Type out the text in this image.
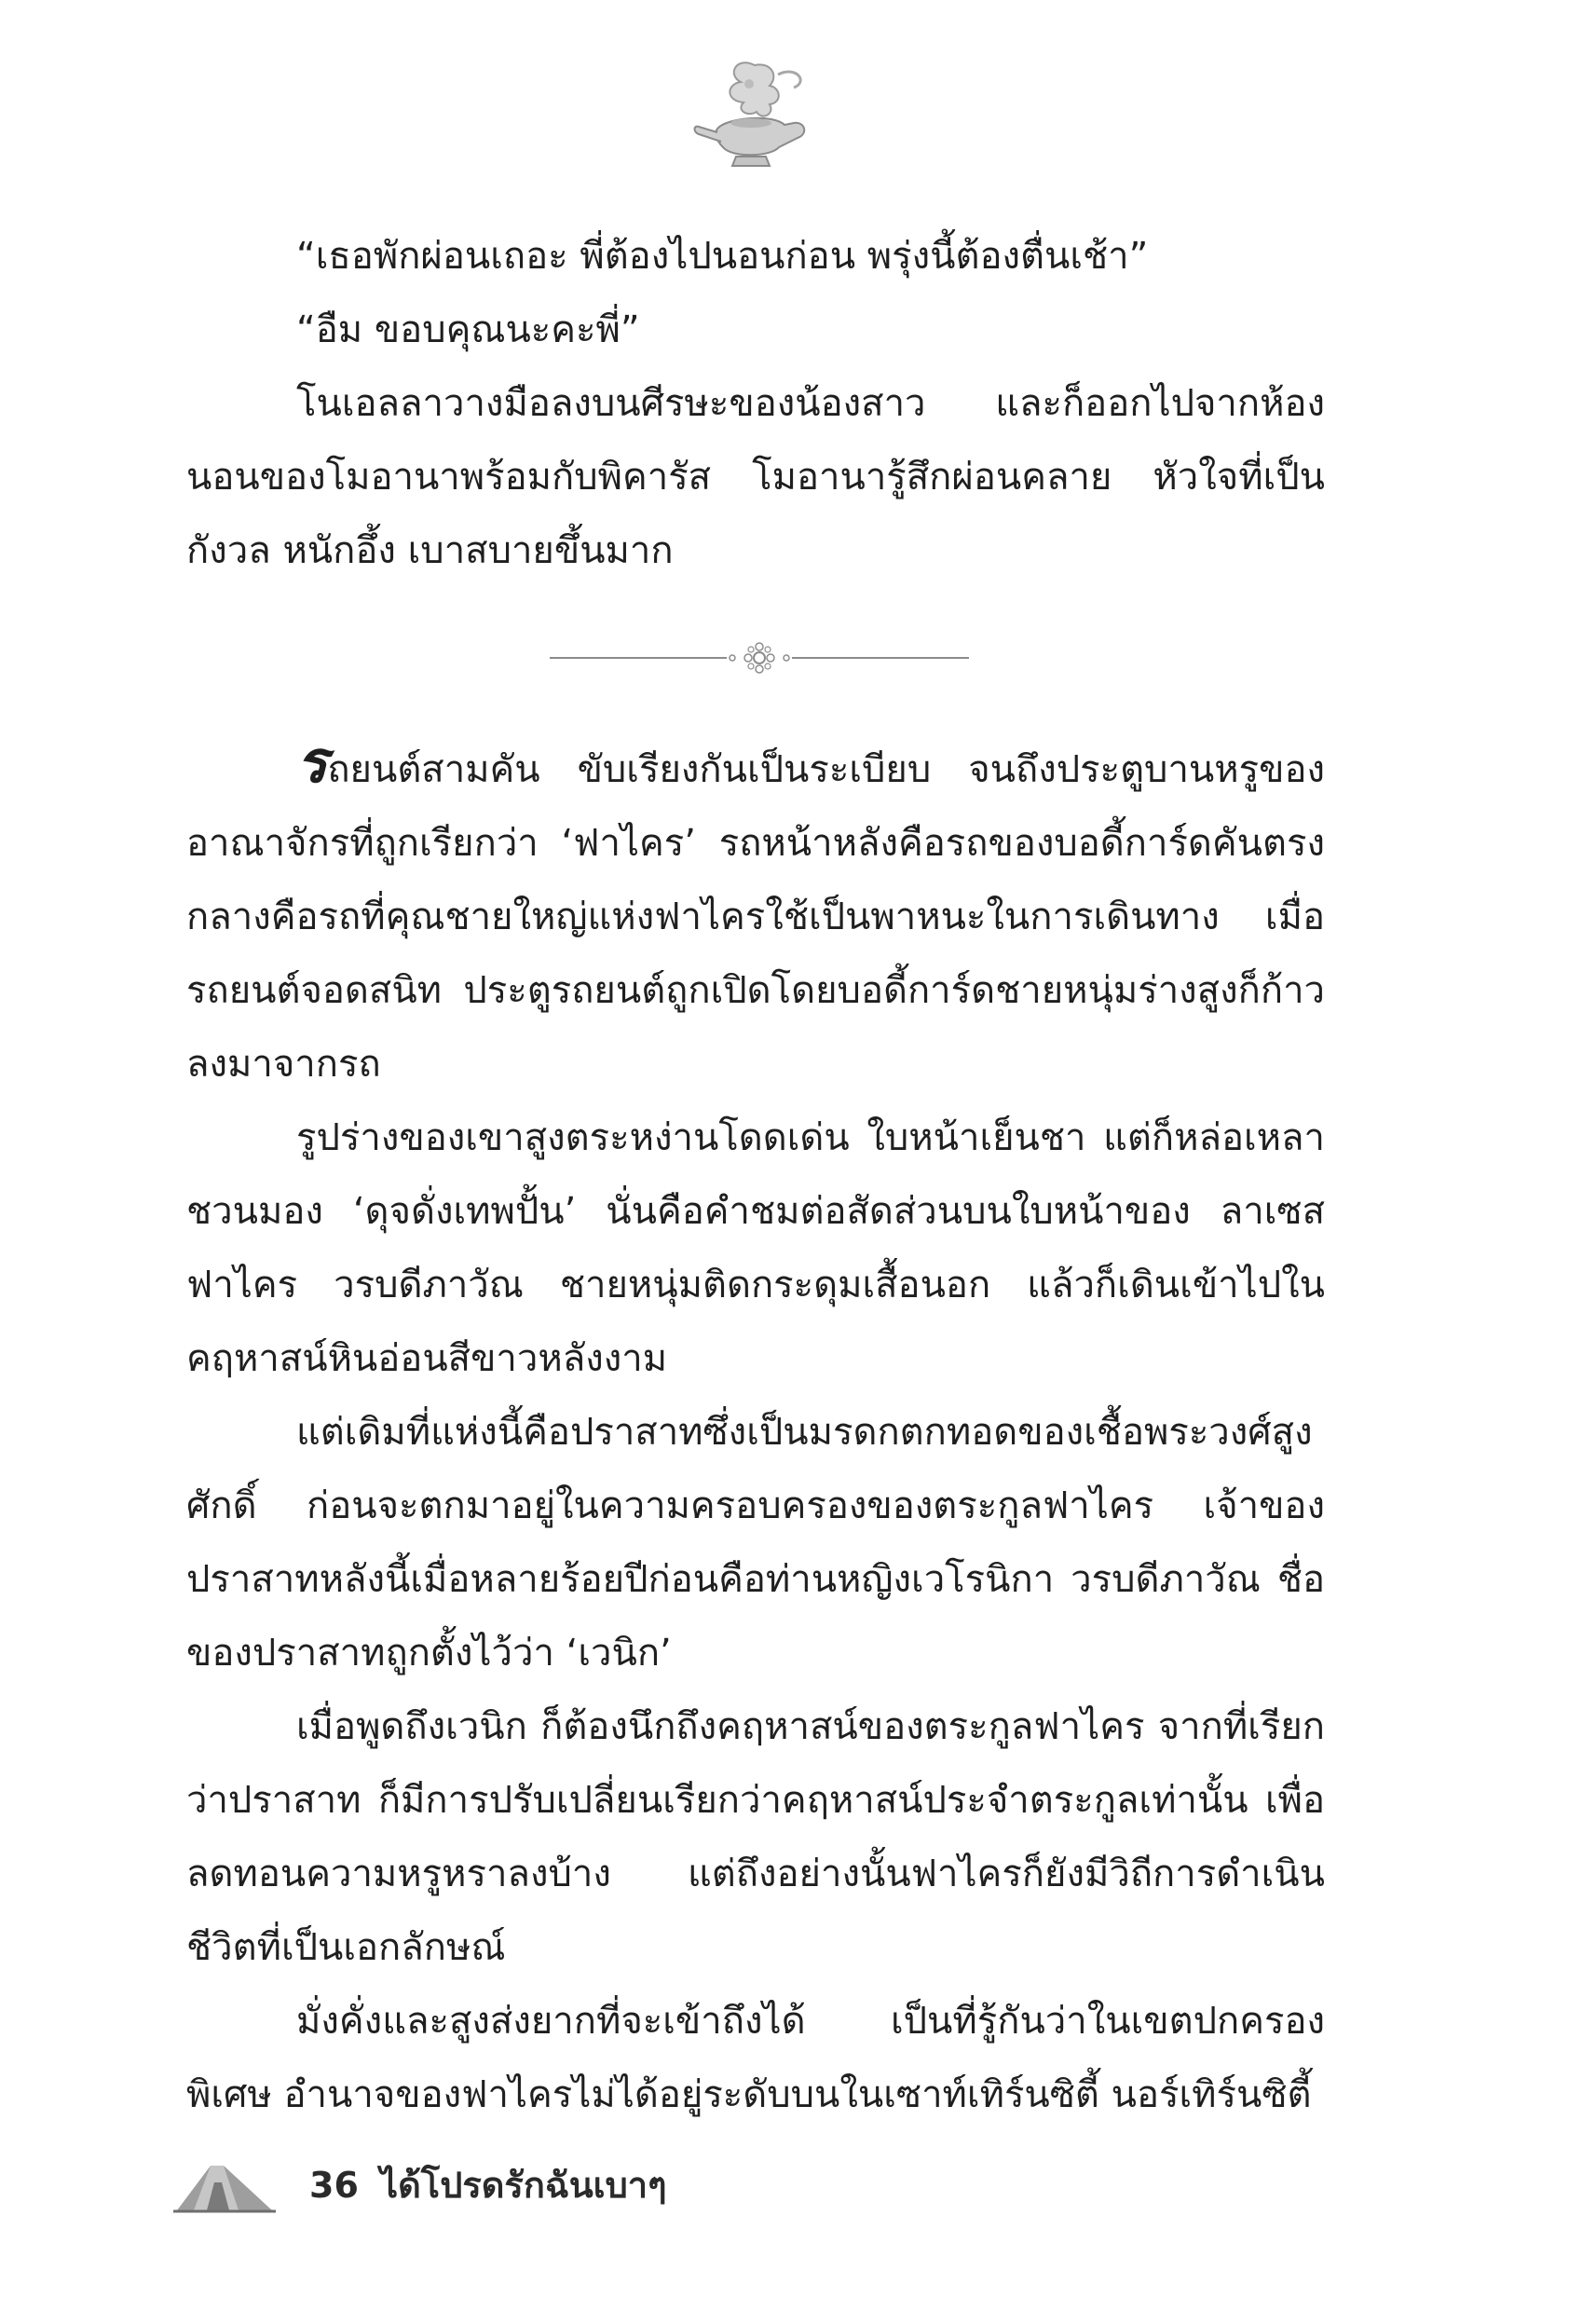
“เธอพักผ่อนเถอะ พี่ต้องไปนอนก่อน พรุ่งนี้ต้องตื่นเช้า”

“อืม ขอบคุณนะคะพี่”

โนเอลลาวางมือลงบนศีรษะของน้องสาว และก็ออกไปจากห้องนอนของโมอานาพร้อมกับพิคารัส โมอานารู้สึกผ่อนคลาย หัวใจที่เป็นกังวล หนักอึ้ง เบาสบายขึ้นมาก

รถยนต์สามคัน ขับเรียงกันเป็นระเบียบ จนถึงประตูบานหรูของอาณาจักรที่ถูกเรียกว่า ‘ฟาไคร’ รถหน้าหลังคือรถของบอดี้การ์ดคันตรงกลางคือรถที่คุณชายใหญ่แห่งฟาไครใช้เป็นพาหนะในการเดินทาง เมื่อรถยนต์จอดสนิท ประตูรถยนต์ถูกเปิดโดยบอดี้การ์ดชายหนุ่มร่างสูงก็ก้าวลงมาจากรถ

รูปร่างของเขาสูงตระหง่านโดดเด่น ใบหน้าเย็นชา แต่ก็หล่อเหลาชวนมอง ‘ดุจดั่งเทพปั้น’ นั่นคือคำชมต่อสัดส่วนบนใบหน้าของ ลาเซส ฟาไคร วรบดีภาวัณ ชายหนุ่มติดกระดุมเสื้อนอก แล้วก็เดินเข้าไปในคฤหาสน์หินอ่อนสีขาวหลังงาม

แต่เดิมที่แห่งนี้คือปราสาทซึ่งเป็นมรดกตกทอดของเชื้อพระวงศ์สูงศักดิ์ ก่อนจะตกมาอยู่ในความครอบครองของตระกูลฟาไคร เจ้าของปราสาทหลังนี้เมื่อหลายร้อยปีก่อนคือท่านหญิงเวโรนิกา วรบดีภาวัณ ชื่อของปราสาทถูกตั้งไว้ว่า ‘เวนิก’

เมื่อพูดถึงเวนิก ก็ต้องนึกถึงคฤหาสน์ของตระกูลฟาไคร จากที่เรียกว่าปราสาท ก็มีการปรับเปลี่ยนเรียกว่าคฤหาสน์ประจำตระกูลเท่านั้น เพื่อลดทอนความหรูหราลงบ้าง แต่ถึงอย่างนั้นฟาไครก็ยังมีวิถีการดำเนินชีวิตที่เป็นเอกลักษณ์

มั่งคั่งและสูงส่งยากที่จะเข้าถึงได้ เป็นที่รู้กันว่าในเขตปกครองพิเศษ อำนาจของฟาไครไม่ได้อยู่ระดับบนในเซาท์เทิร์นซิตี้ นอร์เทิร์นซิตี้

36 ได้โปรดรักฉันเบาๆ
